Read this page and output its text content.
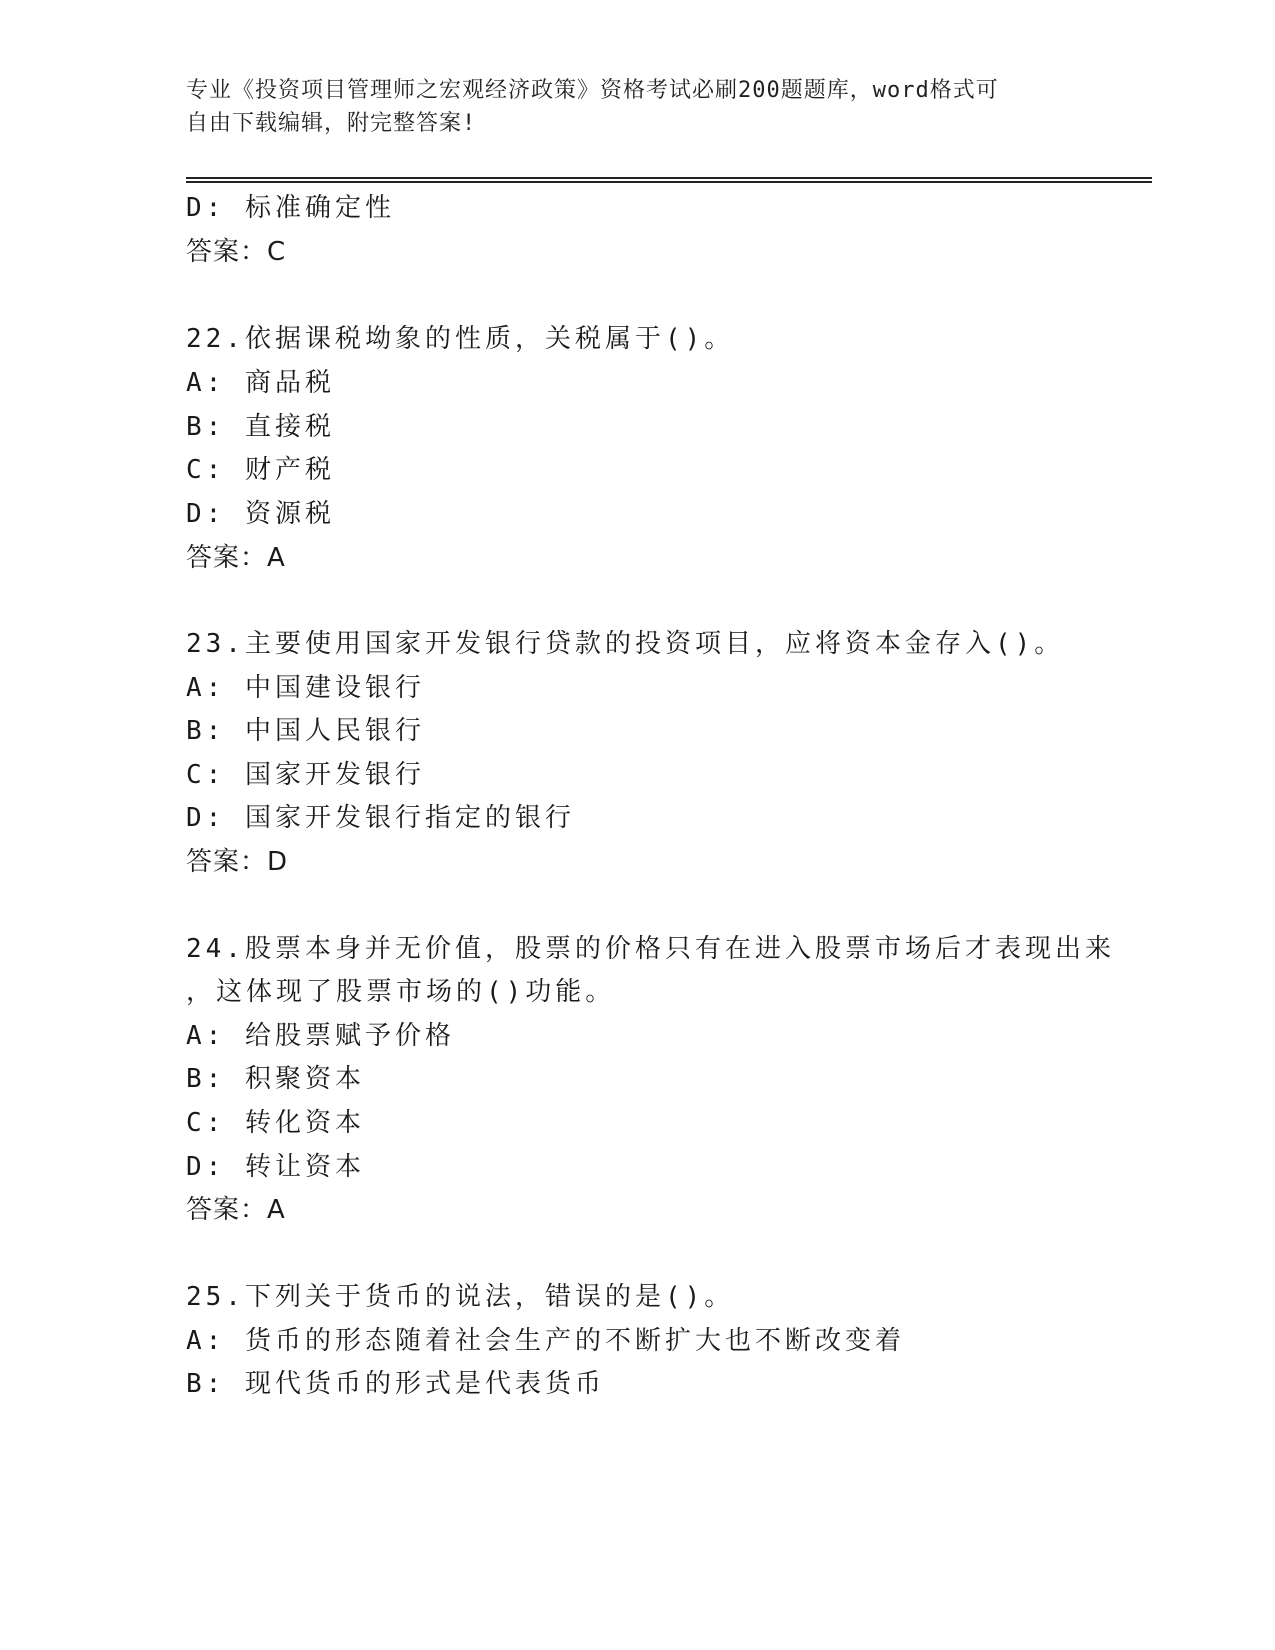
专业《投资项目管理师之宏观经济政策》资格考试必刷200题题库，word格式可
自由下载编辑，附完整答案!
D: 标准确定性
答案：C
22.依据课税坳象的性质，关税属于()。
A: 商品税
B: 直接税
C: 财产税
D: 资源税
答案：A
23.主要使用国家开发银行贷款的投资项目，应将资本金存入()。
A: 中国建设银行
B: 中国人民银行
C: 国家开发银行
D: 国家开发银行指定的银行
答案：D
24.股票本身并无价值，股票的价格只有在进入股票市场后才表现出来
，这体现了股票市场的()功能。
A: 给股票赋予价格
B: 积聚资本
C: 转化资本
D: 转让资本
答案：A
25.下列关于货币的说法，错误的是()。
A: 货币的形态随着社会生产的不断扩大也不断改变着
B: 现代货币的形式是代表货币
